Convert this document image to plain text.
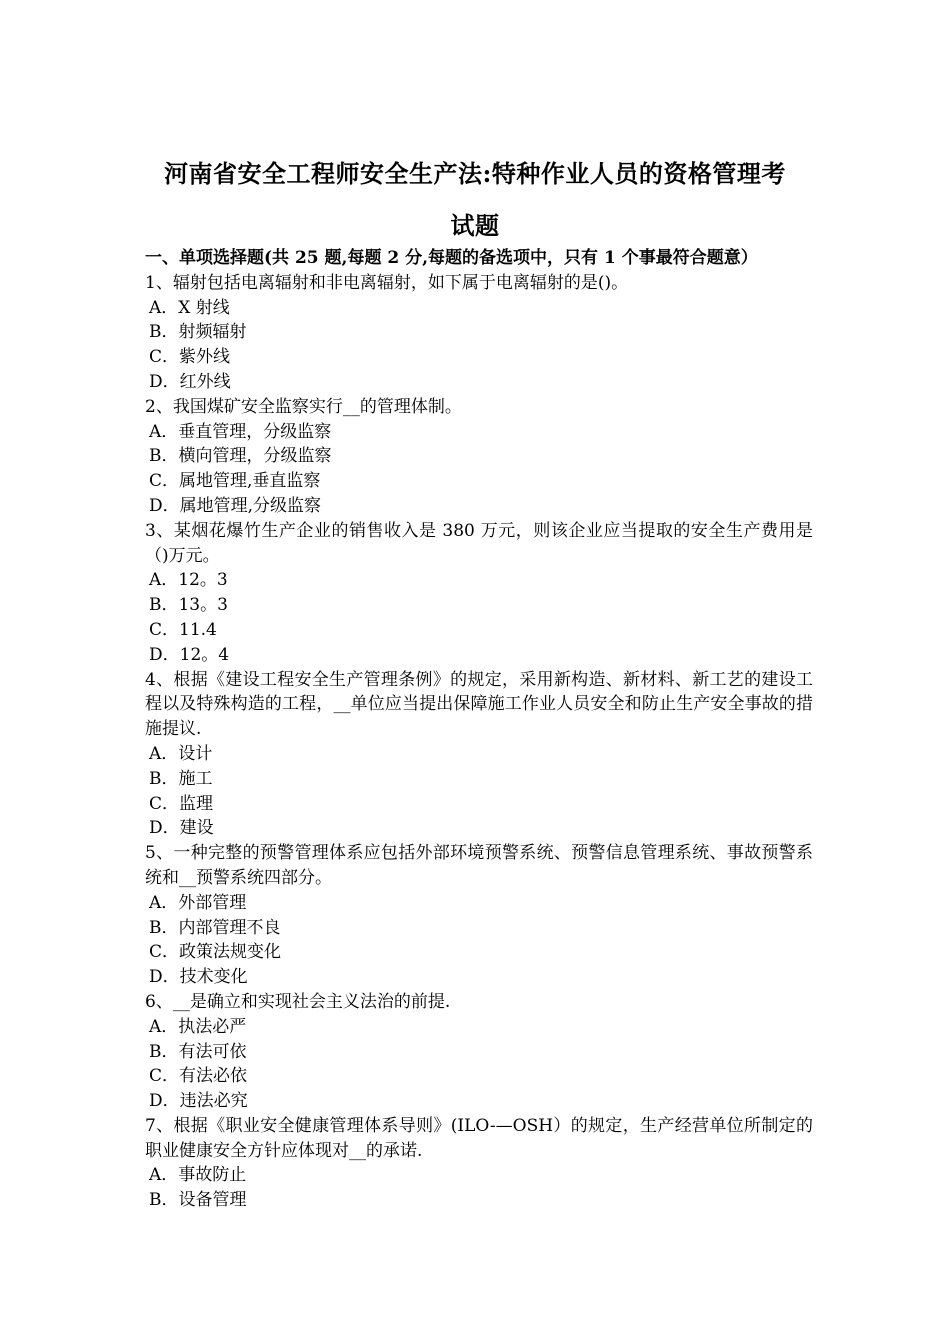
河南省安全工程师安全生产法:特种作业人员的资格管理考
试题
一、单项选择题(共 25 题,每题 2 分,每题的备选项中，只有 1 个事最符合题意）
1、辐射包括电离辐射和非电离辐射，如下属于电离辐射的是()。
A．X 射线
B．射频辐射
C．紫外线
D．红外线
2、我国煤矿安全监察实行__的管理体制。
A．垂直管理，分级监察
B．横向管理，分级监察
C．属地管理,垂直监察
D．属地管理,分级监察
3、某烟花爆竹生产企业的销售收入是 380 万元，则该企业应当提取的安全生产费用是（)万元。
A．12。3
B．13。3
C．11.4
D．12。4
4、根据《建设工程安全生产管理条例》的规定，采用新构造、新材料、新工艺的建设工程以及特殊构造的工程，__单位应当提出保障施工作业人员安全和防止生产安全事故的措施提议.
A．设计
B．施工
C．监理
D．建设
5、一种完整的预警管理体系应包括外部环境预警系统、预警信息管理系统、事故预警系统和__预警系统四部分。
A．外部管理
B．内部管理不良
C．政策法规变化
D．技术变化
6、__是确立和实现社会主义法治的前提.
A．执法必严
B．有法可依
C．有法必依
D．违法必究
7、根据《职业安全健康管理体系导则》(ILO-—OSH）的规定，生产经营单位所制定的职业健康安全方针应体现对__的承诺.
A．事故防止
B．设备管理
